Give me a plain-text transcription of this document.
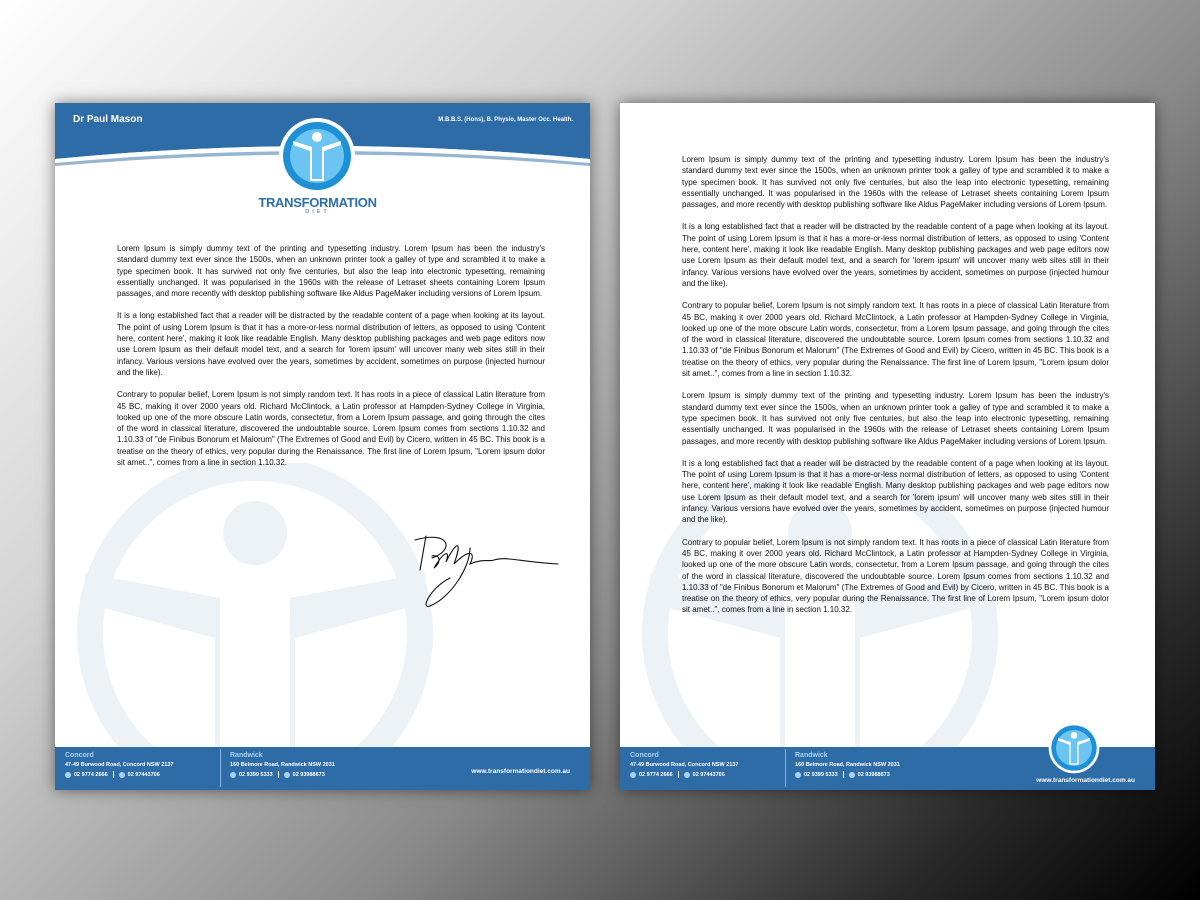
Dr Paul Mason	M.B.B.S. (Hons), B. Physio, Master Occ. Health.
TRANSFORMATION
DIET

Lorem Ipsum is simply dummy text of the printing and typesetting industry. Lorem Ipsum has been the industry's standard dummy text ever since the 1500s, when an unknown printer took a galley of type and scrambled it to make a type specimen book. It has survived not only five centuries, but also the leap into electronic typesetting, remaining essentially unchanged. It was popularised in the 1960s with the release of Letraset sheets containing Lorem Ipsum passages, and more recently with desktop publishing software like Aldus PageMaker including versions of Lorem Ipsum.

It is a long established fact that a reader will be distracted by the readable content of a page when looking at its layout. The point of using Lorem Ipsum is that it has a more-or-less normal distribution of letters, as opposed to using 'Content here, content here', making it look like readable English. Many desktop publishing packages and web page editors now use Lorem Ipsum as their default model text, and a search for 'lorem ipsum' will uncover many web sites still in their infancy. Various versions have evolved over the years, sometimes by accident, sometimes on purpose (injected humour and the like).

Contrary to popular belief, Lorem Ipsum is not simply random text. It has roots in a piece of classical Latin literature from 45 BC, making it over 2000 years old. Richard McClintock, a Latin professor at Hampden-Sydney College in Virginia, looked up one of the more obscure Latin words, consectetur, from a Lorem Ipsum passage, and going through the cites of the word in classical literature, discovered the undoubtable source. Lorem Ipsum comes from sections 1.10.32 and 1.10.33 of "de Finibus Bonorum et Malorum" (The Extremes of Good and Evil) by Cicero, written in 45 BC. This book is a treatise on the theory of ethics, very popular during the Renaissance. The first line of Lorem Ipsum, "Lorem ipsum dolor sit amet..", comes from a line in section 1.10.32.

Concord
47-49 Burwood Road, Concord NSW 2137
02 9774 2666	02 97443706
Randwick
160 Belmore Road, Randwick NSW 2031
02 9399 5333	02 93988673	www.transformationdiet.com.au

Lorem Ipsum is simply dummy text of the printing and typesetting industry. Lorem Ipsum has been the industry's standard dummy text ever since the 1500s, when an unknown printer took a galley of type and scrambled it to make a type specimen book. It has survived not only five centuries, but also the leap into electronic typesetting, remaining essentially unchanged. It was popularised in the 1960s with the release of Letraset sheets containing Lorem Ipsum passages, and more recently with desktop publishing software like Aldus PageMaker including versions of Lorem Ipsum.

It is a long established fact that a reader will be distracted by the readable content of a page when looking at its layout. The point of using Lorem Ipsum is that it has a more-or-less normal distribution of letters, as opposed to using 'Content here, content here', making it look like readable English. Many desktop publishing packages and web page editors now use Lorem Ipsum as their default model text, and a search for 'lorem ipsum' will uncover many web sites still in their infancy. Various versions have evolved over the years, sometimes by accident, sometimes on purpose (injected humour and the like).

Contrary to popular belief, Lorem Ipsum is not simply random text. It has roots in a piece of classical Latin literature from 45 BC, making it over 2000 years old. Richard McClintock, a Latin professor at Hampden-Sydney College in Virginia, looked up one of the more obscure Latin words, consectetur, from a Lorem Ipsum passage, and going through the cites of the word in classical literature, discovered the undoubtable source. Lorem Ipsum comes from sections 1.10.32 and 1.10.33 of "de Finibus Bonorum et Malorum" (The Extremes of Good and Evil) by Cicero, written in 45 BC. This book is a treatise on the theory of ethics, very popular during the Renaissance. The first line of Lorem Ipsum, "Lorem ipsum dolor sit amet..", comes from a line in section 1.10.32.

Lorem Ipsum is simply dummy text of the printing and typesetting industry. Lorem Ipsum has been the industry's standard dummy text ever since the 1500s, when an unknown printer took a galley of type and scrambled it to make a type specimen book. It has survived not only five centuries, but also the leap into electronic typesetting, remaining essentially unchanged. It was popularised in the 1960s with the release of Letraset sheets containing Lorem Ipsum passages, and more recently with desktop publishing software like Aldus PageMaker including versions of Lorem Ipsum.

It is a long established fact that a reader will be distracted by the readable content of a page when looking at its layout. The point of using Lorem Ipsum is that it has a more-or-less normal distribution of letters, as opposed to using 'Content here, content here', making it look like readable English. Many desktop publishing packages and web page editors now use Lorem Ipsum as their default model text, and a search for 'lorem ipsum' will uncover many web sites still in their infancy. Various versions have evolved over the years, sometimes by accident, sometimes on purpose (injected humour and the like).

Contrary to popular belief, Lorem Ipsum is not simply random text. It has roots in a piece of classical Latin literature from 45 BC, making it over 2000 years old. Richard McClintock, a Latin professor at Hampden-Sydney College in Virginia, looked up one of the more obscure Latin words, consectetur, from a Lorem Ipsum passage, and going through the cites of the word in classical literature, discovered the undoubtable source. Lorem Ipsum comes from sections 1.10.32 and 1.10.33 of "de Finibus Bonorum et Malorum" (The Extremes of Good and Evil) by Cicero, written in 45 BC. This book is a treatise on the theory of ethics, very popular during the Renaissance. The first line of Lorem Ipsum, "Lorem ipsum dolor sit amet..", comes from a line in section 1.10.32.

Concord
47-49 Burwood Road, Concord NSW 2137
02 9774 2666	02 97443706
Randwick
160 Belmore Road, Randwick NSW 2031
02 9399 5333	02 93988673
www.transformationdiet.com.au
